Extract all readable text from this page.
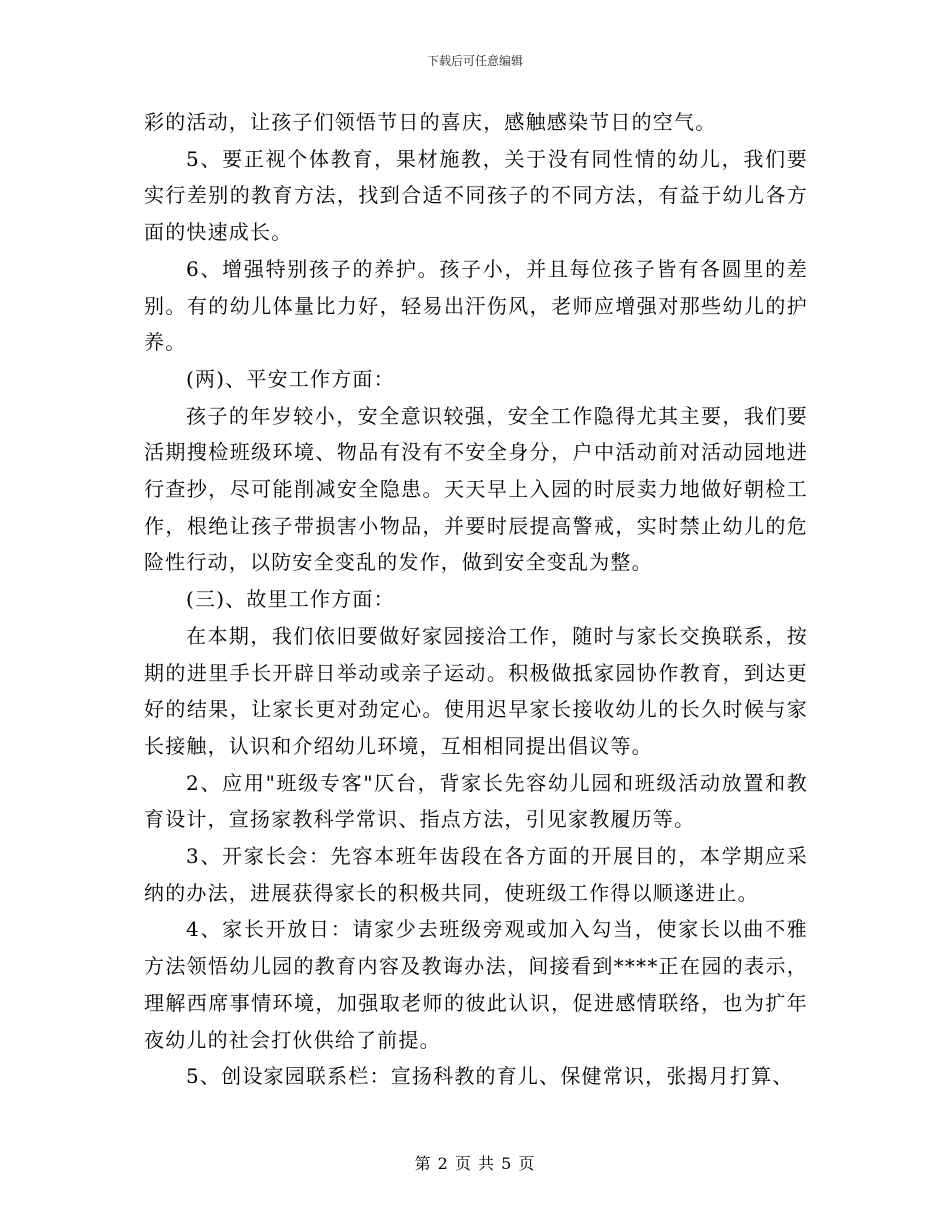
下载后可任意编辑

彩的活动，让孩子们领悟节日的喜庆，感触感染节日的空气。

5、要正视个体教育，果材施教，关于没有同性情的幼儿，我们要实行差别的教育方法，找到合适不同孩子的不同方法，有益于幼儿各方面的快速成长。

6、增强特别孩子的养护。孩子小，并且每位孩子皆有各圆里的差别。有的幼儿体量比力好，轻易出汗伤风，老师应增强对那些幼儿的护养。

(两)、平安工作方面：

孩子的年岁较小，安全意识较强，安全工作隐得尤其主要，我们要活期搜检班级环境、物品有没有不安全身分，户中活动前对活动园地进行查抄，尽可能削减安全隐患。天天早上入园的时辰卖力地做好朝检工作，根绝让孩子带损害小物品，并要时辰提高警戒，实时禁止幼儿的危险性行动，以防安全变乱的发作，做到安全变乱为整。

(三)、故里工作方面：

在本期，我们依旧要做好家园接洽工作，随时与家长交换联系，按期的进里手长开辟日举动或亲子运动。积极做抵家园协作教育，到达更好的结果，让家长更对劲定心。使用迟早家长接收幼儿的长久时候与家长接触，认识和介绍幼儿环境，互相相同提出倡议等。

2、应用"班级专客"仄台，背家长先容幼儿园和班级活动放置和教育设计，宣扬家教科学常识、指点方法，引见家教履历等。

3、开家长会：先容本班年齿段在各方面的开展目的，本学期应采纳的办法，进展获得家长的积极共同，使班级工作得以顺遂进止。

4、家长开放日：请家少去班级旁观或加入勾当，使家长以曲不雅方法领悟幼儿园的教育内容及教诲办法，间接看到****正在园的表示，理解西席事情环境，加强取老师的彼此认识，促进感情联络，也为扩年夜幼儿的社会打伙供给了前提。

5、创设家园联系栏：宣扬科教的育儿、保健常识，张揭月打算、

第 2 页 共 5 页
